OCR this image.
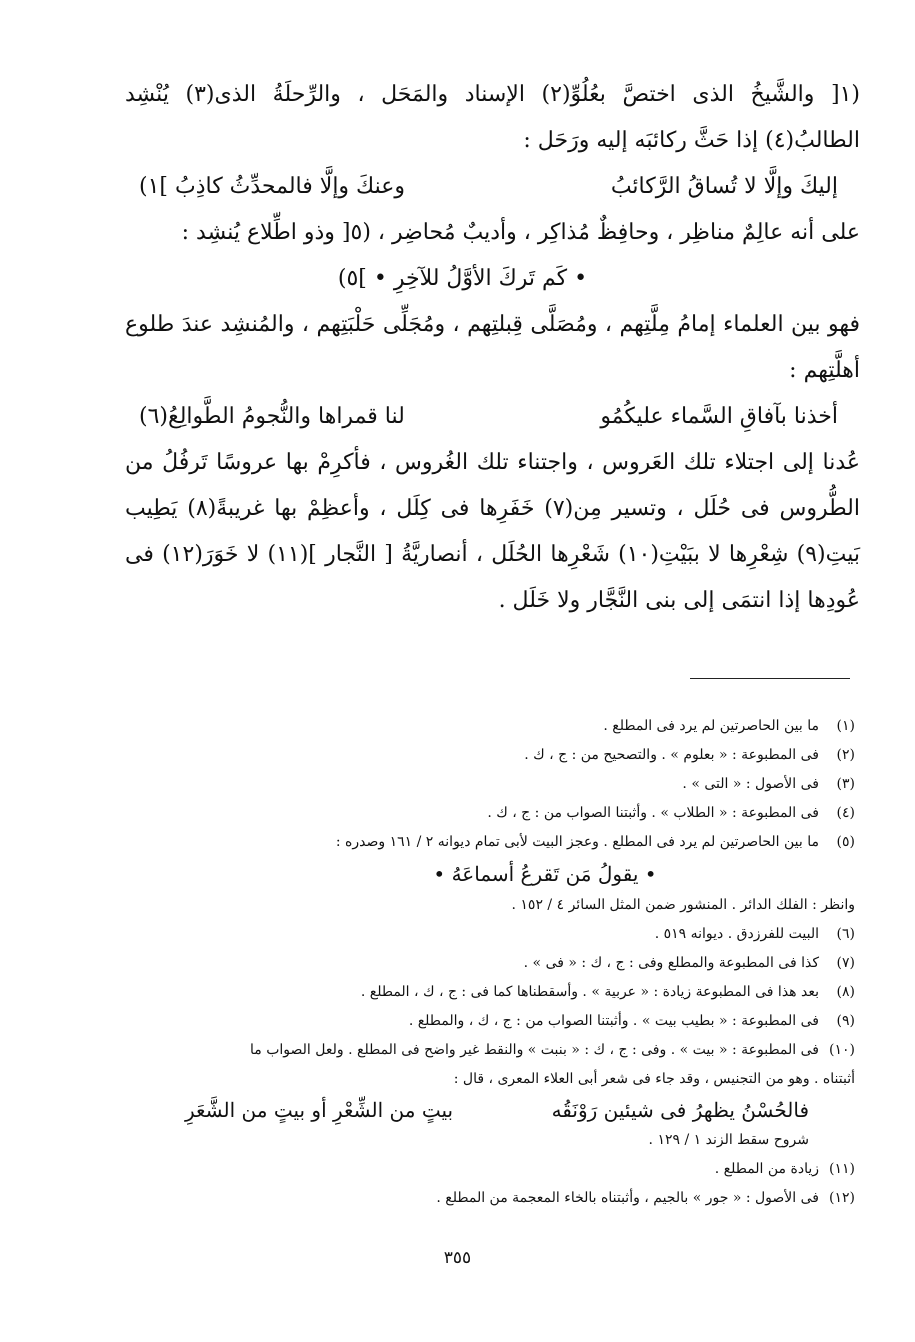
(١[ والشَّيخُ الذى اختصَّ بعُلُوِّ(٢) الإسناد والمَحَل ، والرِّحلَةُ الذى(٣) يُنْشِد الطالبُ(٤) إذا حَثَّ ركائبَه إليه ورَحَل :

إليكَ وإلَّا لا تُساقُ الرَّكائبُ
وعنكَ وإلَّا فالمحدِّثُ كاذِبُ ]١)

على أنه عالِمٌ مناظِر ، وحافِظٌ مُذاكِر ، وأديبٌ مُحاضِر ، (٥[ وذو اطِّلاع يُنشِد :

• كَم تَركَ الأوَّلُ للآخِرِ • ]٥)

فهو بين العلماء إمامُ مِلَّتِهم ، ومُصَلَّى قِبلتِهم ، ومُجَلِّى حَلْبَتِهم ، والمُنشِد عندَ طلوع أهلَّتِهم :

أخذنا بآفاقِ السَّماء عليكُمُو
لنا قمراها والنُّجومُ الطَّوالِعُ(٦)

عُدنا إلى اجتلاء تلك العَروس ، واجتناء تلك الغُروس ، فأكرِمْ بها عروسًا تَرفُلُ من الطُّروس فى حُلَل ، وتسير مِن(٧) خَفَرِها فى كِلَل ، وأعظِمْ بها غريبةً(٨) يَطِيب بَيتِ(٩) شِعْرِها لا ببَيْتِ(١٠) شَعْرِها الحُلَل ، أنصاريَّةُ [ النَّجار ](١١) لا خَوَرَ(١٢) فى عُودِها إذا انتمَى إلى بنى النَّجَّار ولا خَلَل .

(١)
ما بين الحاصرتين لم يرد فى المطلع .
(٢)
فى المطبوعة : « بعلوم » . والتصحيح من : ج ، ك .
(٣)
فى الأصول : « التى » .
(٤)
فى المطبوعة : « الطلاب » . وأثبتنا الصواب من : ج ، ك .
(٥)
ما بين الحاصرتين لم يرد فى المطلع . وعجز البيت لأبى تمام ديوانه ٢ / ١٦١ وصدره :
• يقولُ مَن تَقرعُ أسماعَهُ •
وانظر : الفلك الدائر . المنشور ضمن المثل السائر ٤ / ١٥٢ .
(٦)
البيت للفرزدق . ديوانه ٥١٩ .
(٧)
كذا فى المطبوعة والمطلع وفى : ج ، ك : « فى » .
(٨)
بعد هذا فى المطبوعة زيادة : « عربية » . وأسقطناها كما فى : ج ، ك ، المطلع .
(٩)
فى المطبوعة : « بطيب بيت » . وأثبتنا الصواب من : ج ، ك ، والمطلع .
(١٠)
فى المطبوعة : « بيت » . وفى : ج ، ك : « بنبت » والنقط غير واضح فى المطلع . ولعل الصواب ما
أثبتناه . وهو من التجنيس ، وقد جاء فى شعر أبى العلاء المعرى ، قال :
فالحُسْنُ يظهرُ فى شيئين رَوْنَقُه
بيتٍ من الشِّعْرِ أو بيتٍ من الشَّعَرِ
شروح سقط الزند ١ / ١٢٩ .
(١١)
زيادة من المطلع .
(١٢)
فى الأصول : « جور » بالجيم ، وأثبتناه بالخاء المعجمة من المطلع .
٣٥٥
